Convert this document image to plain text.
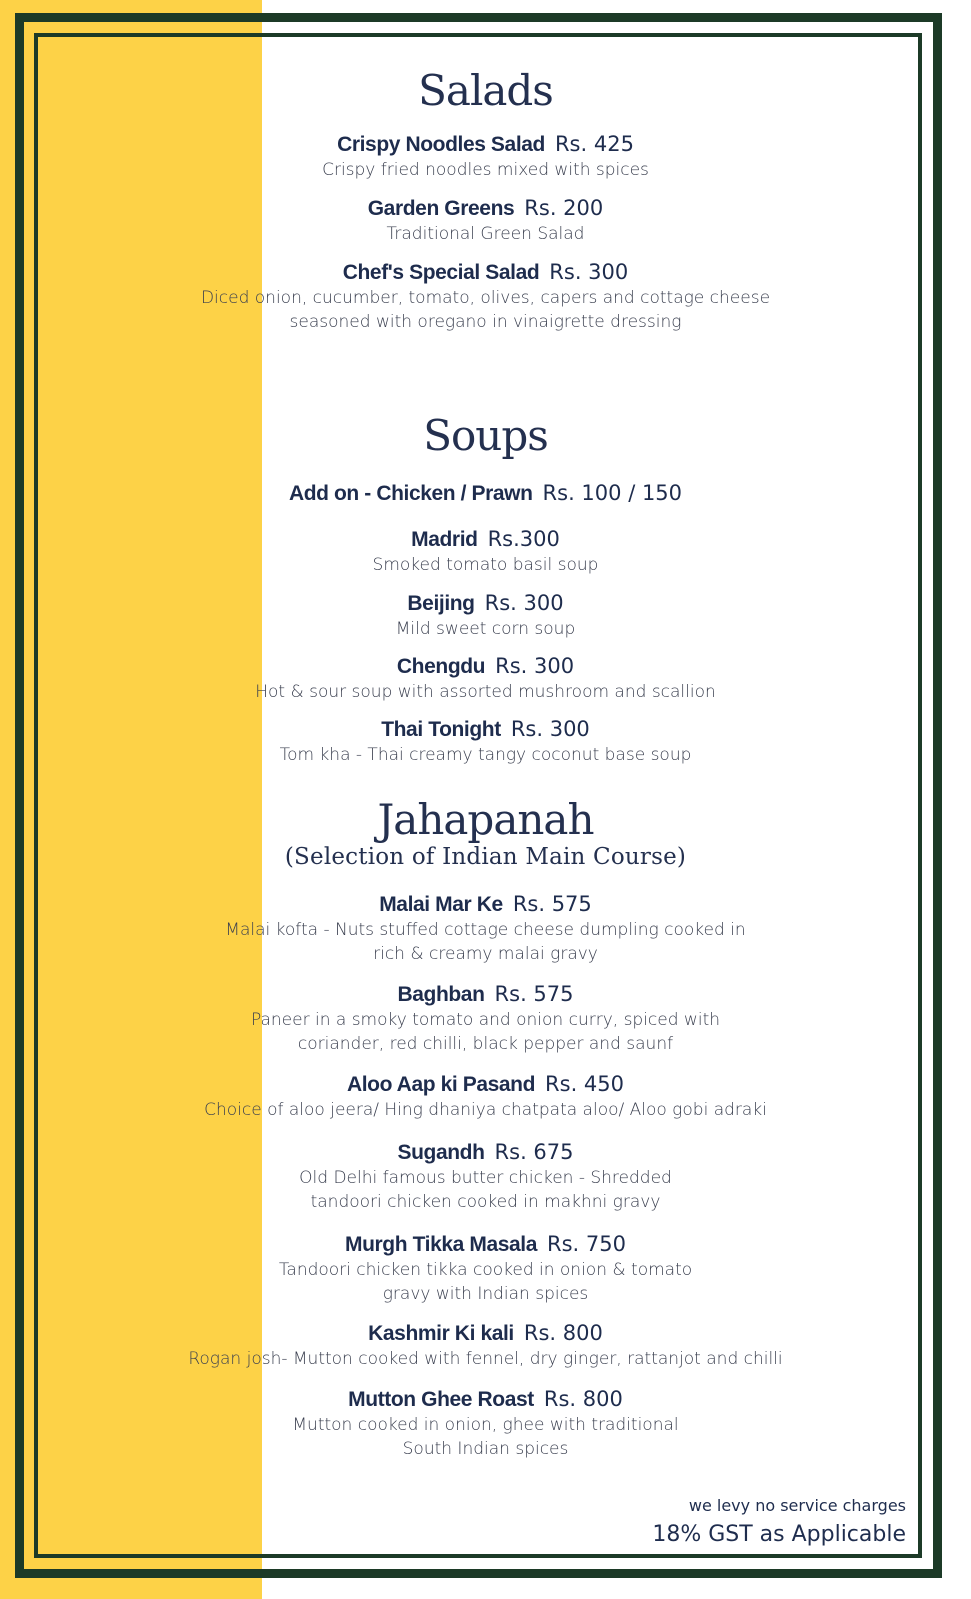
Salads
Crispy Noodles Salad Rs. 425
Crispy fried noodles mixed with spices
Garden Greens Rs. 200
Traditional Green Salad
Chef's Special Salad Rs. 300
Diced onion, cucumber, tomato, olives, capers and cottage cheese
seasoned with oregano in vinaigrette dressing
Soups
Add on - Chicken / Prawn Rs. 100 / 150
Madrid Rs.300
Smoked tomato basil soup
Beijing Rs. 300
Mild sweet corn soup
Chengdu Rs. 300
Hot & sour soup with assorted mushroom and scallion
Thai Tonight Rs. 300
Tom kha - Thai creamy tangy coconut base soup
Jahapanah
(Selection of Indian Main Course)
Malai Mar Ke Rs. 575
Malai kofta - Nuts stuffed cottage cheese dumpling cooked in
rich & creamy malai gravy
Baghban Rs. 575
Paneer in a smoky tomato and onion curry, spiced with
coriander, red chilli, black pepper and saunf
Aloo Aap ki Pasand Rs. 450
Choice of aloo jeera/ Hing dhaniya chatpata aloo/ Aloo gobi adraki
Sugandh Rs. 675
Old Delhi famous butter chicken - Shredded
tandoori chicken cooked in makhni gravy
Murgh Tikka Masala Rs. 750
Tandoori chicken tikka cooked in onion & tomato
gravy with Indian spices
Kashmir Ki kali Rs. 800
Rogan josh- Mutton cooked with fennel, dry ginger, rattanjot and chilli
Mutton Ghee Roast Rs. 800
Mutton cooked in onion, ghee with traditional
South Indian spices
we levy no service charges
18% GST as Applicable
